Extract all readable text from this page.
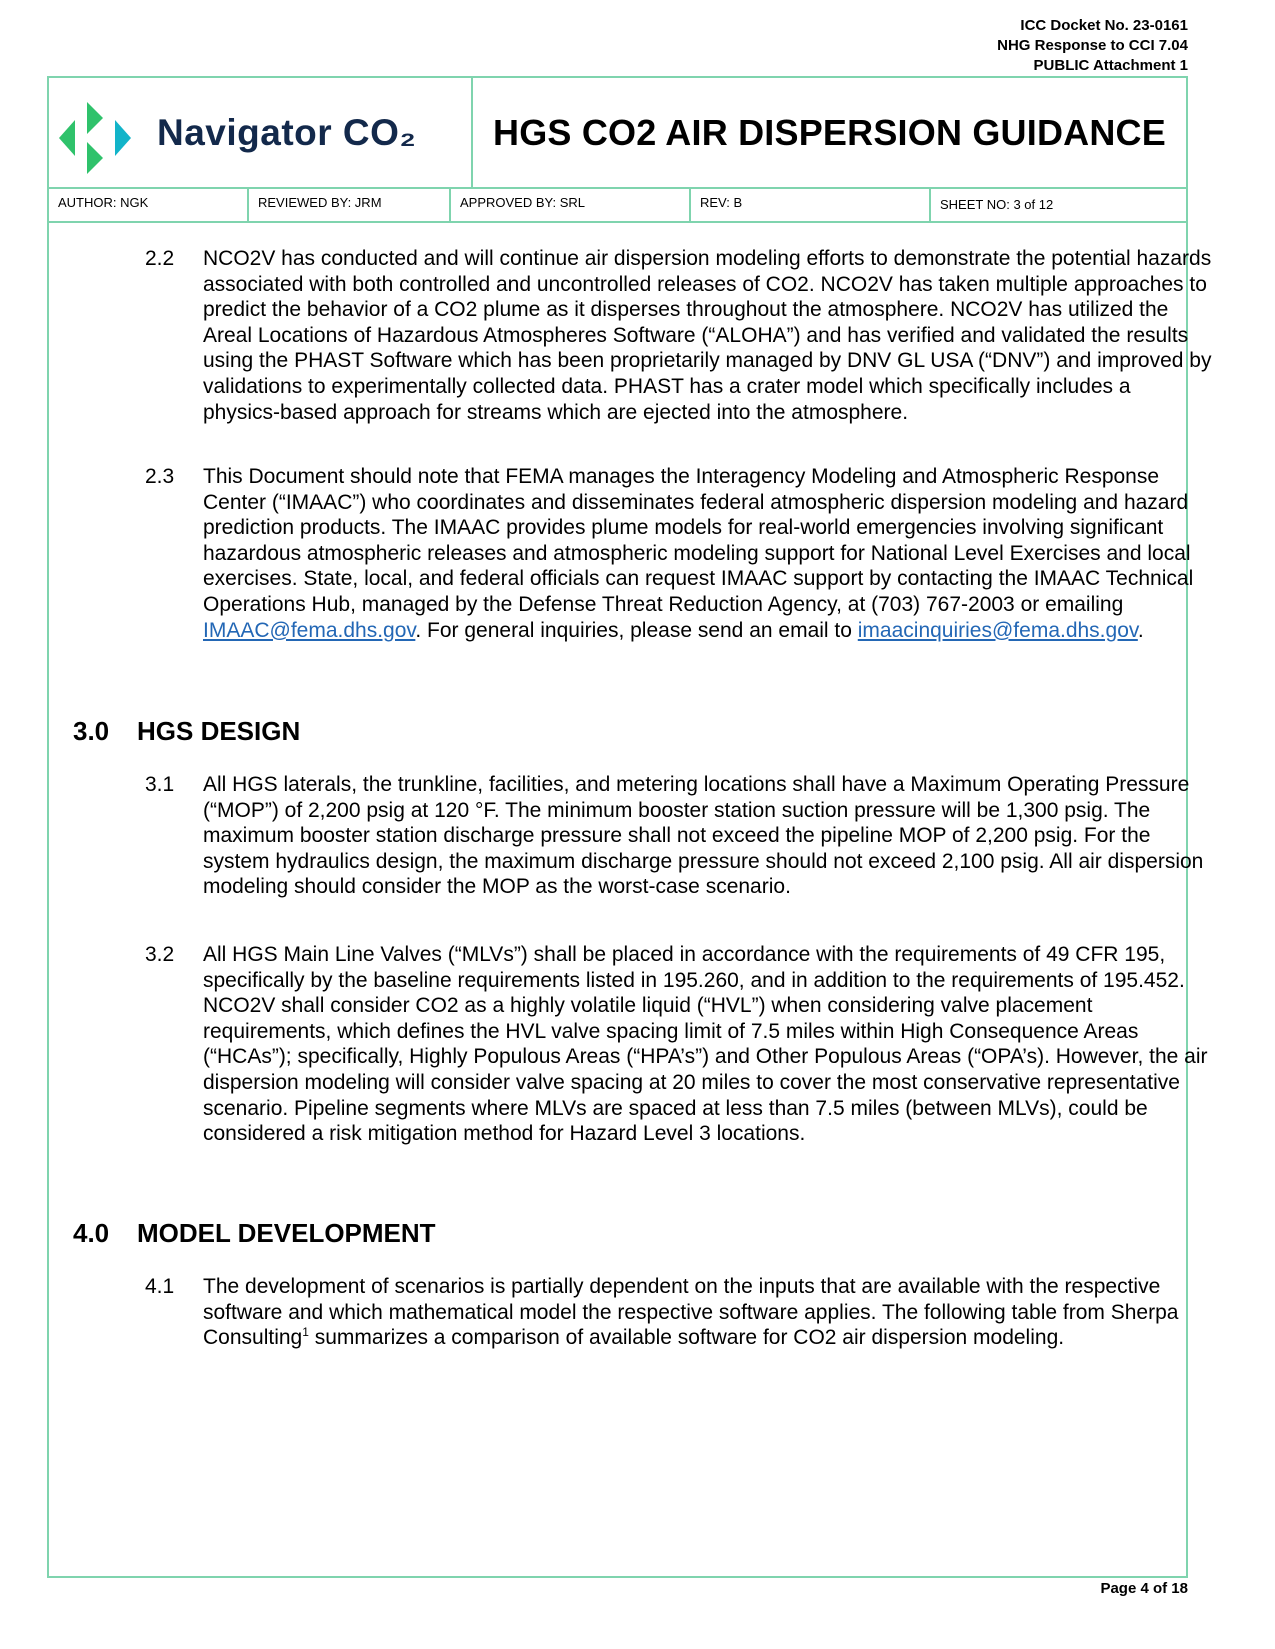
ICC Docket No. 23-0161
NHG Response to CCI 7.04
PUBLIC Attachment 1
Navigator CO₂ HGS CO2 AIR DISPERSION GUIDANCE
AUTHOR: NGK	REVIEWED BY: JRM	APPROVED BY: SRL	REV: B	SHEET NO: 3 of 12
2.2 NCO2V has conducted and will continue air dispersion modeling efforts to demonstrate the potential hazards associated with both controlled and uncontrolled releases of CO2. NCO2V has taken multiple approaches to predict the behavior of a CO2 plume as it disperses throughout the atmosphere. NCO2V has utilized the Areal Locations of Hazardous Atmospheres Software (“ALOHA”) and has verified and validated the results using the PHAST Software which has been proprietarily managed by DNV GL USA (“DNV”) and improved by validations to experimentally collected data. PHAST has a crater model which specifically includes a physics-based approach for streams which are ejected into the atmosphere.
2.3 This Document should note that FEMA manages the Interagency Modeling and Atmospheric Response Center (“IMAAC”) who coordinates and disseminates federal atmospheric dispersion modeling and hazard prediction products. The IMAAC provides plume models for real-world emergencies involving significant hazardous atmospheric releases and atmospheric modeling support for National Level Exercises and local exercises. State, local, and federal officials can request IMAAC support by contacting the IMAAC Technical Operations Hub, managed by the Defense Threat Reduction Agency, at (703) 767-2003 or emailing IMAAC@fema.dhs.gov. For general inquiries, please send an email to imaacinquiries@fema.dhs.gov.
3.0 HGS DESIGN
3.1 All HGS laterals, the trunkline, facilities, and metering locations shall have a Maximum Operating Pressure (“MOP”) of 2,200 psig at 120 °F. The minimum booster station suction pressure will be 1,300 psig. The maximum booster station discharge pressure shall not exceed the pipeline MOP of 2,200 psig. For the system hydraulics design, the maximum discharge pressure should not exceed 2,100 psig. All air dispersion modeling should consider the MOP as the worst-case scenario.
3.2 All HGS Main Line Valves (“MLVs”) shall be placed in accordance with the requirements of 49 CFR 195, specifically by the baseline requirements listed in 195.260, and in addition to the requirements of 195.452. NCO2V shall consider CO2 as a highly volatile liquid (“HVL”) when considering valve placement requirements, which defines the HVL valve spacing limit of 7.5 miles within High Consequence Areas (“HCAs”); specifically, Highly Populous Areas (“HPA’s”) and Other Populous Areas (“OPA’s). However, the air dispersion modeling will consider valve spacing at 20 miles to cover the most conservative representative scenario. Pipeline segments where MLVs are spaced at less than 7.5 miles (between MLVs), could be considered a risk mitigation method for Hazard Level 3 locations.
4.0 MODEL DEVELOPMENT
4.1 The development of scenarios is partially dependent on the inputs that are available with the respective software and which mathematical model the respective software applies. The following table from Sherpa Consulting$^1$ summarizes a comparison of available software for CO2 air dispersion modeling.
Page 4 of 18
